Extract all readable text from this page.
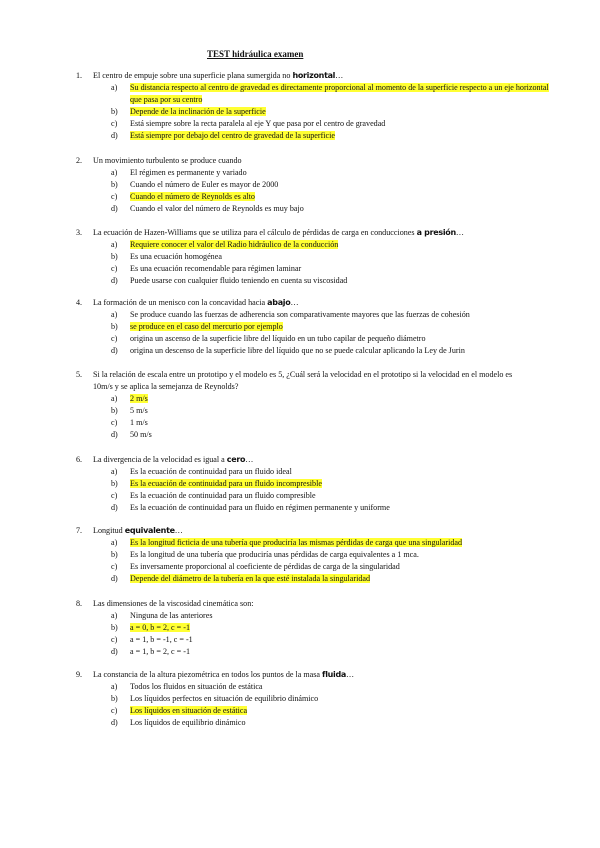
TEST hidráulica examen
1. El centro de empuje sobre una superficie plana sumergida no horizontal…
a) Su distancia respecto al centro de gravedad es directamente proporcional al momento de la superficie respecto a un eje horizontal que pasa por su centro
b) Depende de la inclinación de la superficie
c) Está siempre sobre la recta paralela al eje Y que pasa por el centro de gravedad
d) Está siempre por debajo del centro de gravedad de la superficie
2. Un movimiento turbulento se produce cuando
a) El régimen es permanente y variado
b) Cuando el número de Euler es mayor de 2000
c) Cuando el número de Reynolds es alto
d) Cuando el valor del número de Reynolds es muy bajo
3. La ecuación de Hazen-Williams que se utiliza para el cálculo de pérdidas de carga en conducciones a presión…
a) Requiere conocer el valor del Radio hidráulico de la conducción
b) Es una ecuación homogénea
c) Es una ecuación recomendable para régimen laminar
d) Puede usarse con cualquier fluido teniendo en cuenta su viscosidad
4. La formación de un menisco con la concavidad hacia abajo…
a) Se produce cuando las fuerzas de adherencia son comparativamente mayores que las fuerzas de cohesión
b) se produce en el caso del mercurio por ejemplo
c) origina un ascenso de la superficie libre del líquido en un tubo capilar de pequeño diámetro
d) origina un descenso de la superficie libre del líquido que no se puede calcular aplicando la Ley de Jurin
5. Si la relación de escala entre un prototipo y el modelo es 5, ¿Cuál será la velocidad en el prototipo si la velocidad en el modelo es 10m/s y se aplica la semejanza de Reynolds?
a) 2 m/s
b) 5 m/s
c) 1 m/s
d) 50 m/s
6. La divergencia de la velocidad es igual a cero…
a) Es la ecuación de continuidad para un fluido ideal
b) Es la ecuación de continuidad para un fluido incompresible
c) Es la ecuación de continuidad para un fluido compresible
d) Es la ecuación de continuidad para un fluido en régimen permanente y uniforme
7. Longitud equivalente…
a) Es la longitud ficticia de una tubería que produciría las mismas pérdidas de carga que una singularidad
b) Es la longitud de una tubería que produciría unas pérdidas de carga equivalentes a 1 mca.
c) Es inversamente proporcional al coeficiente de pérdidas de carga de la singularidad
d) Depende del diámetro de la tubería en la que esté instalada la singularidad
8. Las dimensiones de la viscosidad cinemática son:
a) Ninguna de las anteriores
b) a = 0, b = 2, c = -1
c) a = 1, b = -1, c = -1
d) a = 1, b = 2, c = -1
9. La constancia de la altura piezométrica en todos los puntos de la masa fluida…
a) Todos los fluidos en situación de estática
b) Los líquidos perfectos en situación de equilibrio dinámico
c) Los líquidos en situación de estática
d) Los líquidos de equilibrio dinámico
